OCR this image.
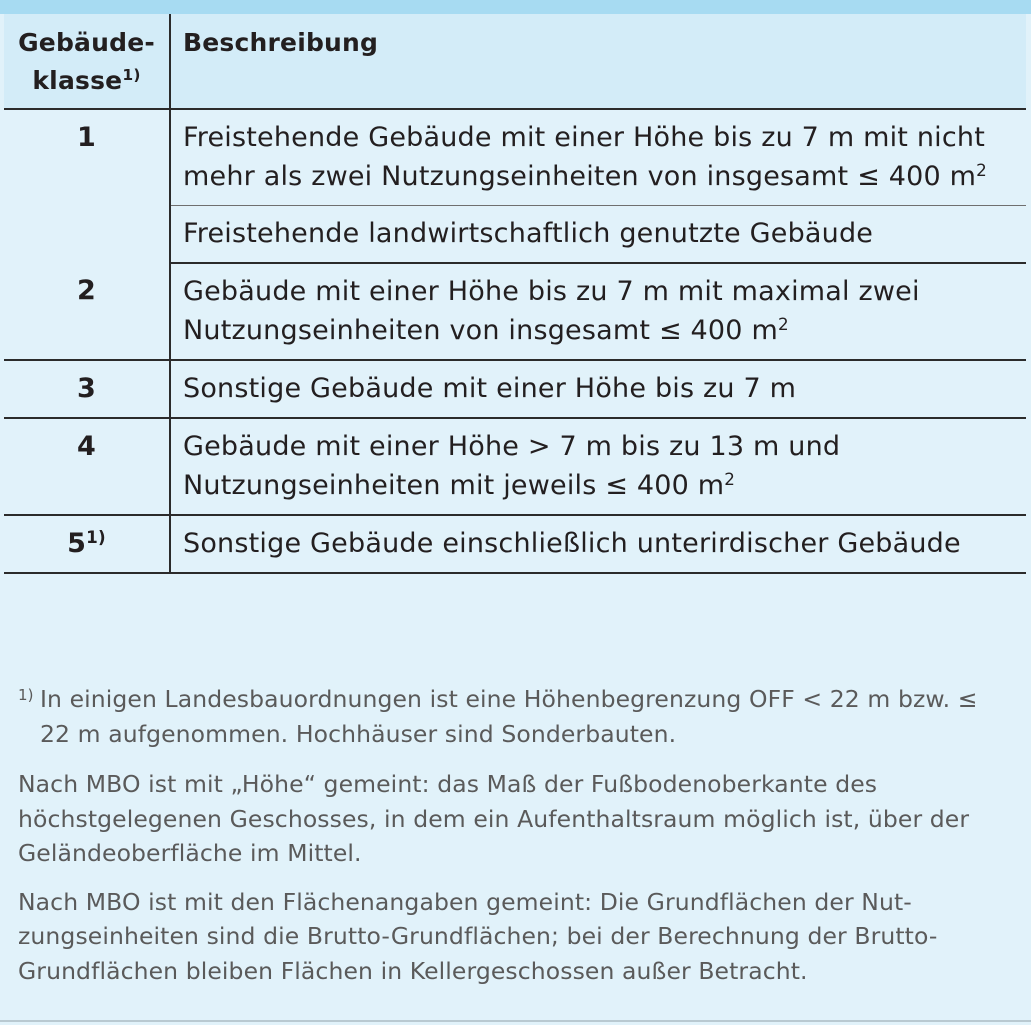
Gebäude-
klasse$^{1)}$	Beschreibung
1	Freistehende Gebäude mit einer Höhe bis zu 7 m mit nicht mehr als zwei Nutzungseinheiten von insgesamt ≤ 400 $m^2$
	Freistehende landwirtschaftlich genutzte Gebäude
2	Gebäude mit einer Höhe bis zu 7 m mit maximal zwei Nutzungseinheiten von insgesamt ≤ 400 $m^2$
3	Sonstige Gebäude mit einer Höhe bis zu 7 m
4	Gebäude mit einer Höhe > 7 m bis zu 13 m und Nutzungseinheiten mit jeweils ≤ 400 $m^2$
5$^{1)}$	Sonstige Gebäude einschließlich unterirdischer Gebäude
1) In einigen Landesbauordnungen ist eine Höhenbegrenzung OFF < 22 m bzw. ≤ 22 m aufgenommen. Hochhäuser sind Sonderbauten.

Nach MBO ist mit „Höhe“ gemeint: das Maß der Fußbodenoberkante des höchstgelegenen Geschosses, in dem ein Aufenthaltsraum möglich ist, über der Geländeoberfläche im Mittel.

Nach MBO ist mit den Flächenangaben gemeint: Die Grundflächen der Nut-
zungseinheiten sind die Brutto-Grundflächen; bei der Berechnung der Brutto-
Grundflächen bleiben Flächen in Kellergeschossen außer Betracht.
